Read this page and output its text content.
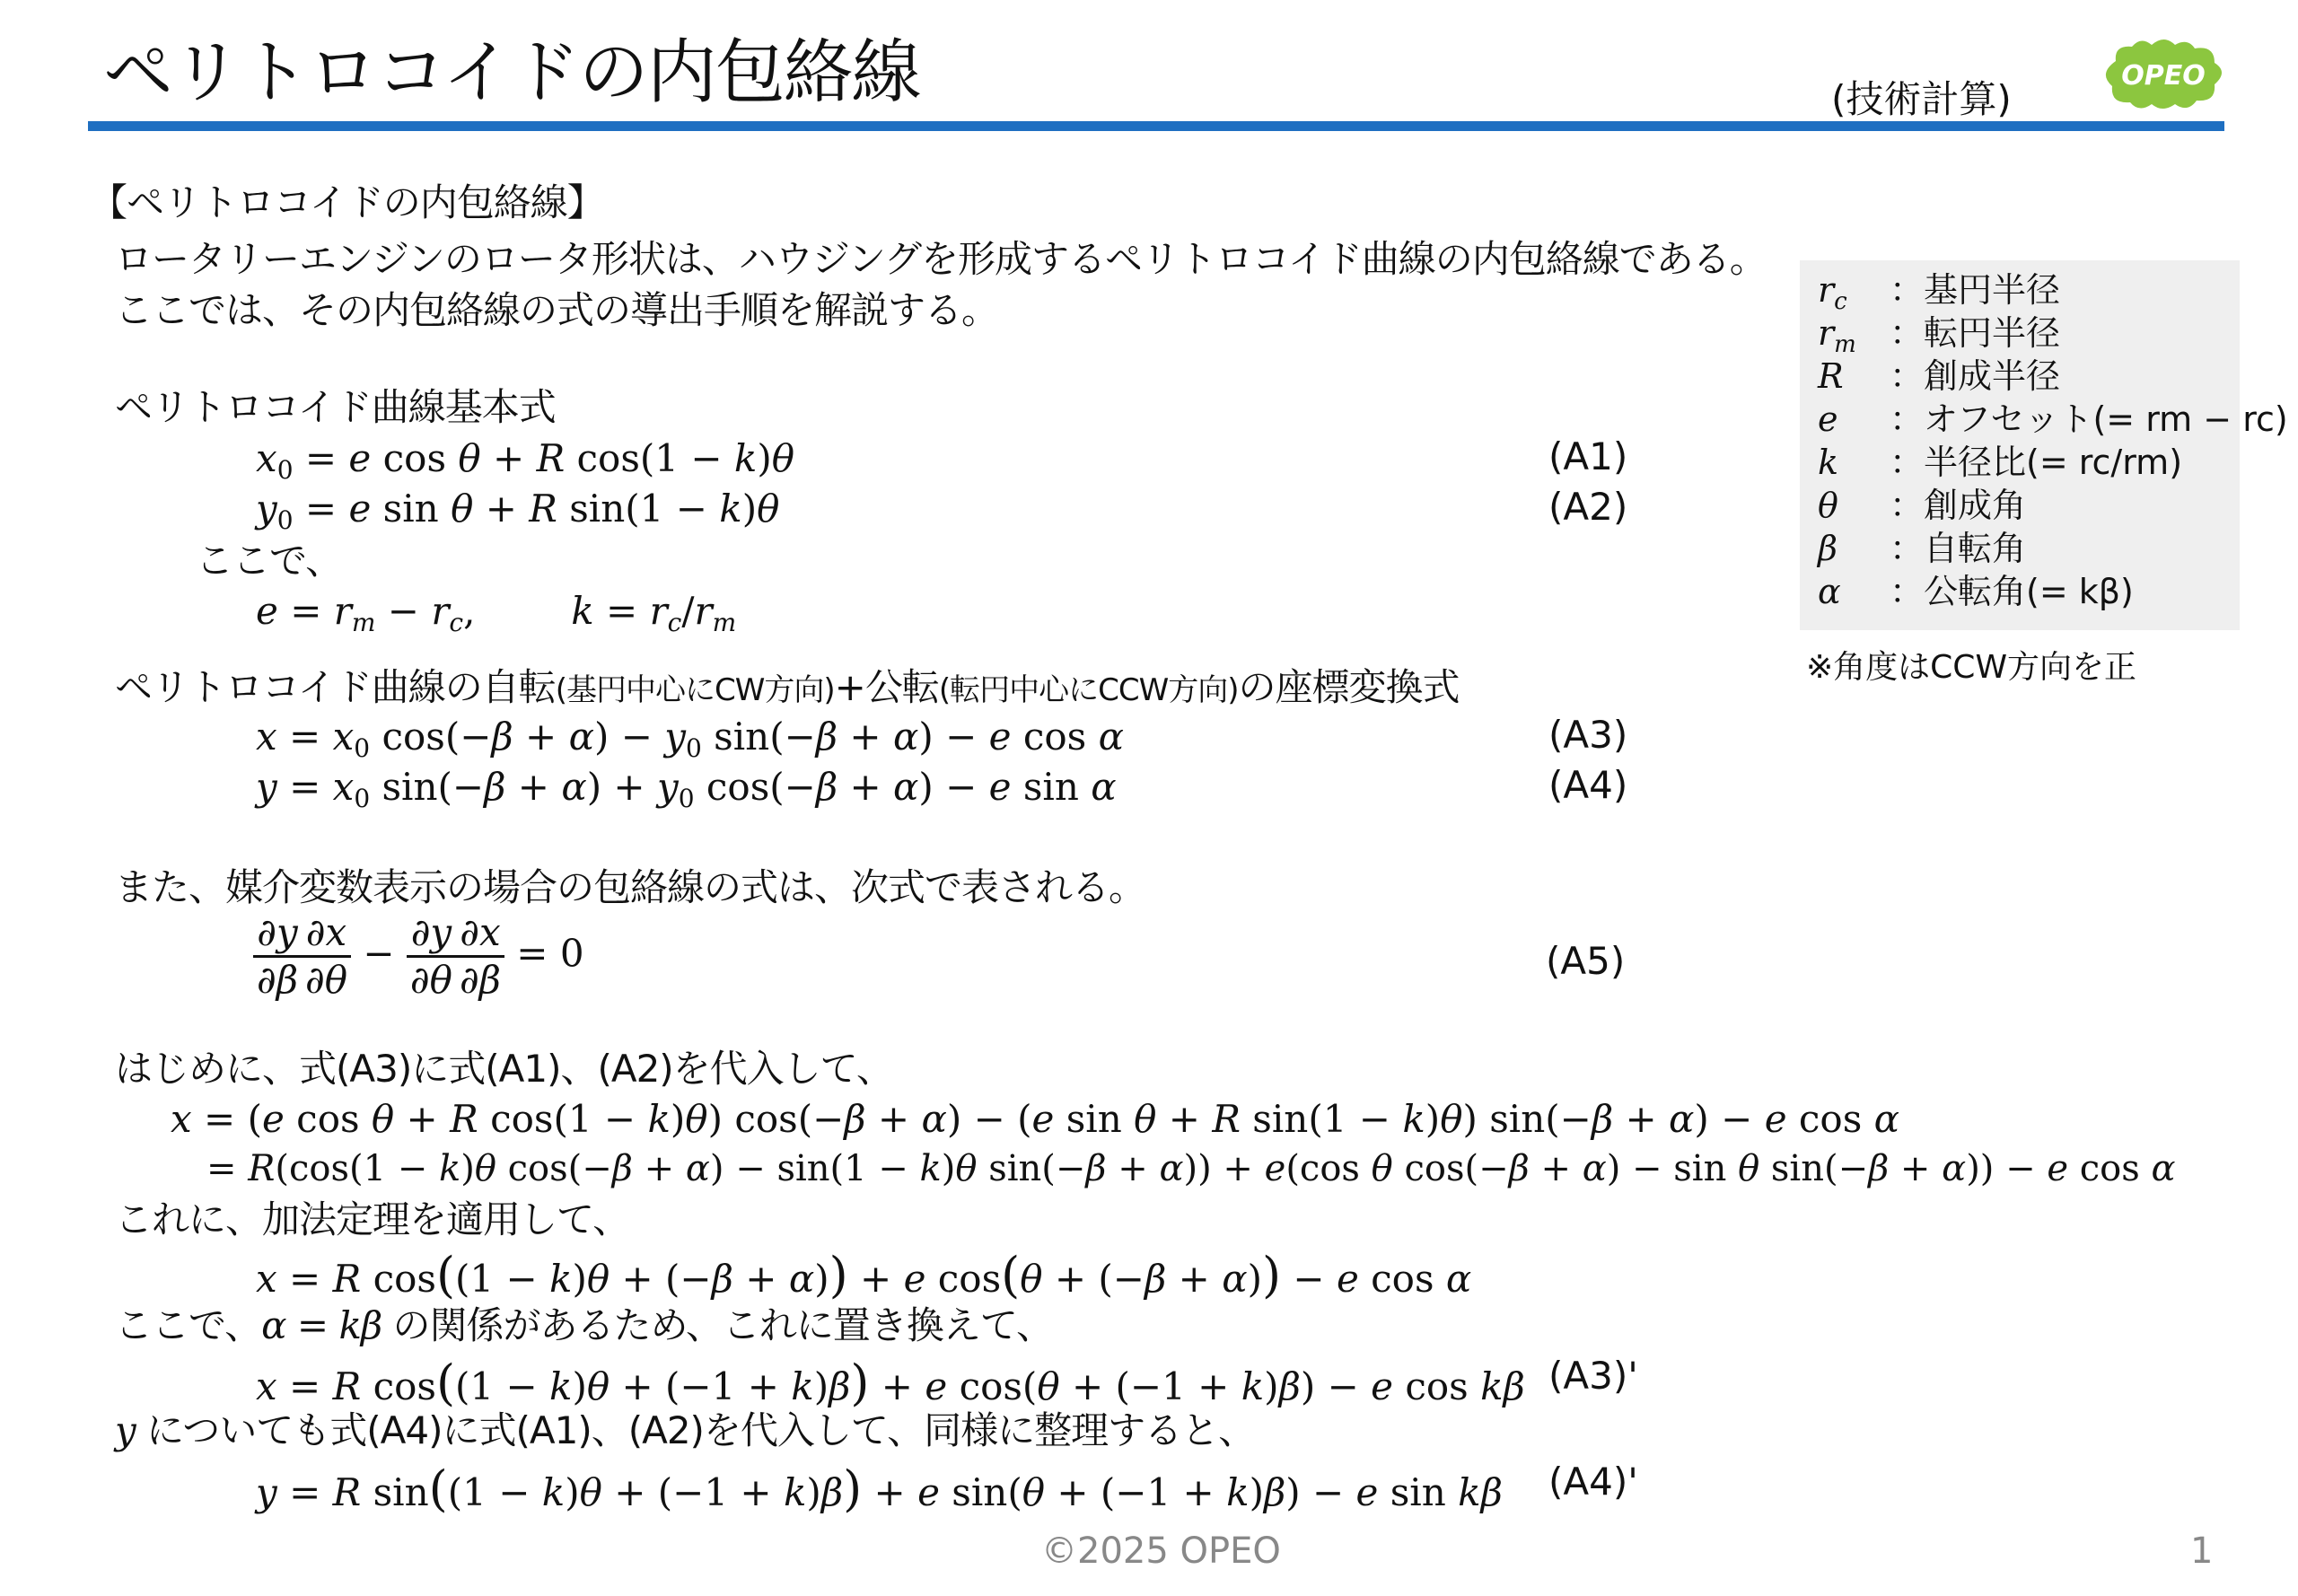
ペリトロコイドの内包絡線	(技術計算)
OPEO
【ペリトロコイドの内包絡線】
ロータリーエンジンのロータ形状は、ハウジングを形成するペリトロコイド曲線の内包絡線である。
ここでは、その内包絡線の式の導出手順を解説する。
ペリトロコイド曲線基本式
$x_0 = e$ cos θ + R cos(1 − k)θ	(A1)
$y_0 = e$ sin θ + R sin(1 − k)θ	(A2)
ここで、
$e = r_m - r_c$,        $k = r_c/r_m$
ペリトロコイド曲線の自転(基円中心にCW方向)+公転(転円中心にCCW方向)の座標変換式
$x = x_0$ $\cos(-\beta + \alpha) - y_0$ sin(−β + α) − e cos α	(A3)
$y = x_0$ $\sin(-\beta + \alpha) + y_0$ cos(−β + α) − e sin α	(A4)
また、媒介変数表示の場合の包絡線の式は、次式で表される。
$\frac{\partial y}{\partial\beta} \frac{\partial x}{\partial\theta} - \frac{\partial y}{\partial\theta} \frac{\partial x}{\partial\beta} = 0$	(A5)
はじめに、式(A3)に式(A1)、(A2)を代入して、
x = (e cos θ + R cos(1 − k)θ) cos(−β + α) − (e sin θ + R sin(1 − k)θ) sin(−β + α) − e cos α
= R(cos(1 − k)θ cos(−β + α) − sin(1 − k)θ sin(−β + α)) + e(cos θ cos(−β + α) − sin θ sin(−β + α)) − e cos α
これに、加法定理を適用して、
x = R cos((1 − k)θ + (−β + α)) + e cos(θ + (−β + α)) − e cos α
ここで、α = kβ の関係があるため、これに置き換えて、
x = R cos((1 − k)θ + (−1 + k)β) + e cos(θ + (−1 + k)β) − e cos kβ (A3)'
y についても式(A4)に式(A1)、(A2)を代入して、同様に整理すると、
y = R sin((1 − k)θ + (−1 + k)β) + e sin(θ + (−1 + k)β) − e sin kβ (A4)'
$r_c$ ：基円半径
$r_m$ ：転円半径
R ：創成半径
e ：オフセット(= rm − rc)
k ：半径比(= rc/rm)
θ ：創成角
β ：自転角
α ：公転角(= kβ)
※角度はCCW方向を正
©2025 OPEO	1
